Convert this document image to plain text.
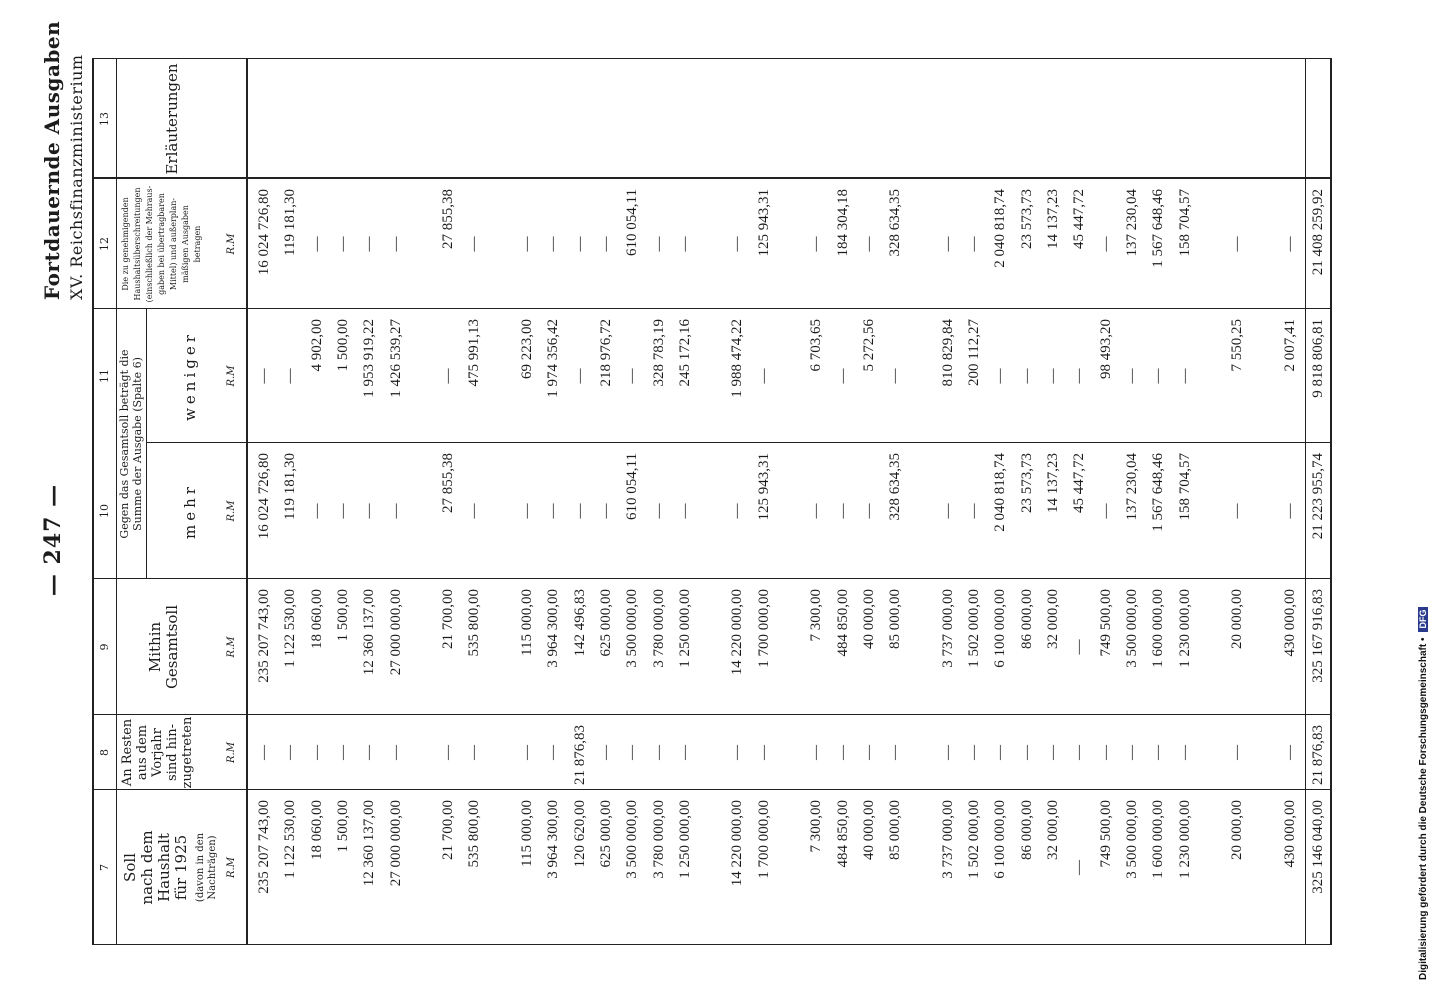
Fortdauernde Ausgaben XV. Reichsfinanzministerium
— 247 —
7
8
9
10
11
12
13
Soll nach dem Haushalt für 1925 (davon in den Nachträgen) R.M
An Resten aus dem Vorjahr sind hin- zugetreten	R.M
Mithin Gesamtsoll	R.M
Gegen das Gesamtsoll beträgt die
Summe der Ausgabe (Spalte 6)
mehr
weniger
R.M
R.M
Die zu genehmigenden Haushaltsüberschreitungen (einschließlich der Mehraus- gaben bei übertragbaren Mittel) und außerplan- mäßigen Ausgaben betragen R.M
Erläuterungen
235 207 743,00
—
235 207 743,00
16 024 726,80
—
16 024 726,80
1 122 530,00
—
1 122 530,00
119 181,30
—
119 181,30
18 060,00
—
18 060,00
—
4 902,00
—
1 500,00
—
1 500,00
—
1 500,00
—
12 360 137,00
—
12 360 137,00
—
1 953 919,22
—
27 000 000,00
—
27 000 000,00
—
1 426 539,27
—
21 700,00
—
21 700,00
27 855,38
—
27 855,38
535 800,00
—
535 800,00
—
475 991,13
—
115 000,00
—
115 000,00
—
69 223,00
—
3 964 300,00
—
3 964 300,00
—
1 974 356,42
—
120 620,00
21 876,83
142 496,83
—
—
—
625 000,00
—
625 000,00
—
218 976,72
—
3 500 000,00
—
3 500 000,00
610 054,11
—
610 054,11
3 780 000,00
—
3 780 000,00
—
328 783,19
—
1 250 000,00
—
1 250 000,00
—
245 172,16
—
14 220 000,00
—
14 220 000,00
—
1 988 474,22
—
1 700 000,00
—
1 700 000,00
125 943,31
—
125 943,31
7 300,00
—
7 300,00
—
6 703,65
—
484 850,00
—
484 850,00
—
—
184 304,18
40 000,00
—
40 000,00
—
5 272,56
—
85 000,00
—
85 000,00
328 634,35
—
328 634,35
3 737 000,00
—
3 737 000,00
—
810 829,84
—
1 502 000,00
—
1 502 000,00
—
200 112,27
—
6 100 000,00
—
6 100 000,00
2 040 818,74
—
2 040 818,74
86 000,00
—
86 000,00
23 573,73
—
23 573,73
32 000,00
—
32 000,00
14 137,23
—
14 137,23
—
—
—
45 447,72
—
45 447,72
749 500,00
—
749 500,00
—
98 493,20
—
3 500 000,00
—
3 500 000,00
137 230,04
—
137 230,04
1 600 000,00
—
1 600 000,00
1 567 648,46
—
1 567 648,46
1 230 000,00
—
1 230 000,00
158 704,57
—
158 704,57
20 000,00
—
20 000,00
—
7 550,25
—
430 000,00
—
430 000,00
—
2 007,41
—
325 146 040,00
21 876,83
325 167 916,83
21 223 955,74
9 818 806,81
21 408 259,92
Digitalisierung gefördert durch die Deutsche Forschungsgemeinschaft •DFG
